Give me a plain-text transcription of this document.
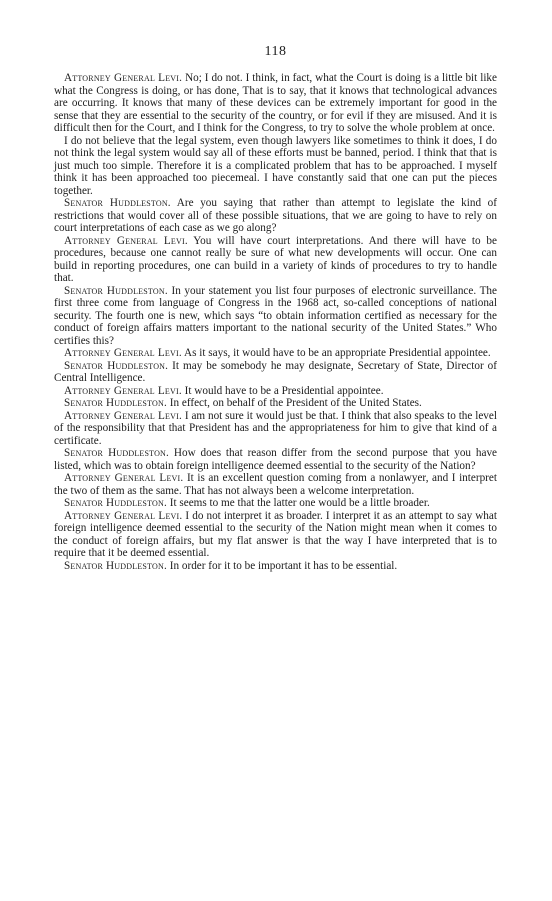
118

Attorney General Levi. No; I do not. I think, in fact, what the Court is doing is a little bit like what the Congress is doing, or has done, That is to say, that it knows that technological advances are occurring. It knows that many of these devices can be extremely important for good in the sense that they are essential to the security of the country, or for evil if they are misused. And it is difficult then for the Court, and I think for the Congress, to try to solve the whole problem at once.

I do not believe that the legal system, even though lawyers like sometimes to think it does, I do not think the legal system would say all of these efforts must be banned, period. I think that that is just much too simple. Therefore it is a complicated problem that has to be approached. I myself think it has been approached too piecemeal. I have constantly said that one can put the pieces together.

Senator Huddleston. Are you saying that rather than attempt to legislate the kind of restrictions that would cover all of these possible situations, that we are going to have to rely on court interpretations of each case as we go along?

Attorney General Levi. You will have court interpretations. And there will have to be procedures, because one cannot really be sure of what new developments will occur. One can build in reporting procedures, one can build in a variety of kinds of procedures to try to handle that.

Senator Huddleston. In your statement you list four purposes of electronic surveillance. The first three come from language of Congress in the 1968 act, so-called conceptions of national security. The fourth one is new, which says “to obtain information certified as necessary for the conduct of foreign affairs matters important to the national security of the United States.” Who certifies this?

Attorney General Levi. As it says, it would have to be an appropriate Presidential appointee.

Senator Huddleston. It may be somebody he may designate, Secretary of State, Director of Central Intelligence.

Attorney General Levi. It would have to be a Presidential appointee.

Senator Huddleston. In effect, on behalf of the President of the United States.

Attorney General Levi. I am not sure it would just be that. I think that also speaks to the level of the responsibility that that President has and the appropriateness for him to give that kind of a certificate.

Senator Huddleston. How does that reason differ from the second purpose that you have listed, which was to obtain foreign intelligence deemed essential to the security of the Nation?

Attorney General Levi. It is an excellent question coming from a nonlawyer, and I interpret the two of them as the same. That has not always been a welcome interpretation.

Senator Huddleston. It seems to me that the latter one would be a little broader.

Attorney General Levi. I do not interpret it as broader. I interpret it as an attempt to say what foreign intelligence deemed essential to the security of the Nation might mean when it comes to the conduct of foreign affairs, but my flat answer is that the way I have interpreted that is to require that it be deemed essential.

Senator Huddleston. In order for it to be important it has to be essential.
